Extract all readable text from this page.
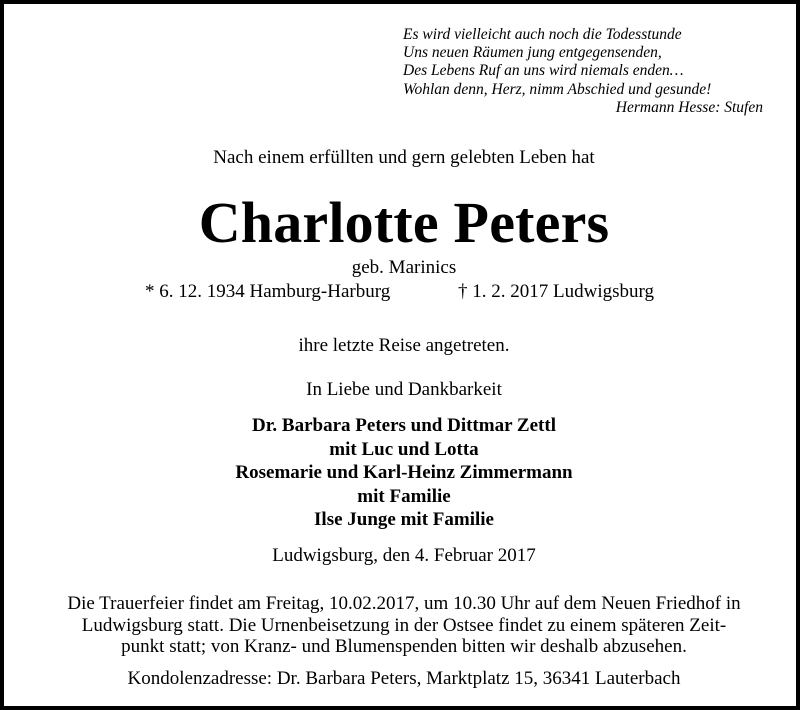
Es wird vielleicht auch noch die Todesstunde
Uns neuen Räumen jung entgegensenden,
Des Lebens Ruf an uns wird niemals enden…
Wohlan denn, Herz, nimm Abschied und gesunde!
Hermann Hesse: Stufen
Nach einem erfüllten und gern gelebten Leben hat
Charlotte Peters
geb. Marinics
* 6. 12. 1934 Hamburg-Harburg	† 1. 2. 2017 Ludwigsburg
ihre letzte Reise angetreten.
In Liebe und Dankbarkeit
Dr. Barbara Peters und Dittmar Zettl
mit Luc und Lotta
Rosemarie und Karl-Heinz Zimmermann
mit Familie
Ilse Junge mit Familie
Ludwigsburg, den 4. Februar 2017
Die Trauerfeier findet am Freitag, 10.02.2017, um 10.30 Uhr auf dem Neuen Friedhof in
Ludwigsburg statt. Die Urnenbeisetzung in der Ostsee findet zu einem späteren Zeit-
punkt statt; von Kranz- und Blumenspenden bitten wir deshalb abzusehen.
Kondolenzadresse: Dr. Barbara Peters, Marktplatz 15, 36341 Lauterbach
